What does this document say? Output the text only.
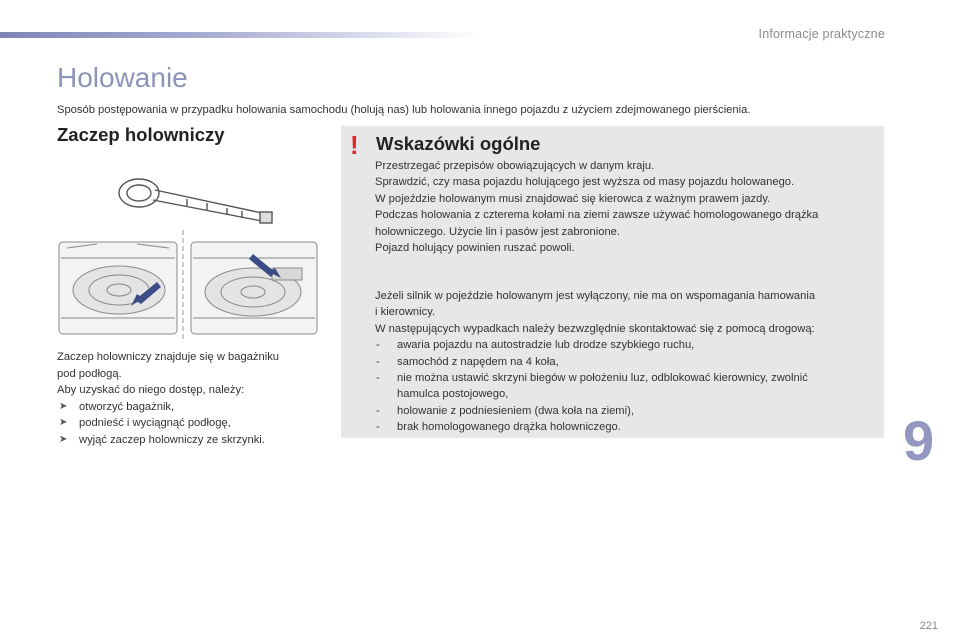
Informacje praktyczne
Holowanie

Sposób postępowania w przypadku holowania samochodu (holują nas) lub holowania innego pojazdu z użyciem zdejmowanego pierścienia.

Zaczep holowniczy

Zaczep holowniczy znajduje się w bagażniku

pod podłogą.

Aby uzyskać do niego dostęp, należy:

➤ otworzyć bagażnik,
➤ podnieść i wyciągnąć podłogę,
➤ wyjąć zaczep holowniczy ze skrzynki.
! Wskazówki ogólne

Przestrzegać przepisów obowiązujących w danym kraju.

Sprawdzić, czy masa pojazdu holującego jest wyższa od masy pojazdu holowanego.

W pojeździe holowanym musi znajdować się kierowca z ważnym prawem jazdy.

Podczas holowania z czterema kołami na ziemi zawsze używać homologowanego drążka

holowniczego. Użycie lin i pasów jest zabronione.

Pojazd holujący powinien ruszać powoli.

Jeżeli silnik w pojeździe holowanym jest wyłączony, nie ma on wspomagania hamowania

i kierownicy.

W następujących wypadkach należy bezwzględnie skontaktować się z pomocą drogową:

- awaria pojazdu na autostradzie lub drodze szybkiego ruchu,
- samochód z napędem na 4 koła,
- nie można ustawić skrzyni biegów w położeniu luz, odblokować kierownicy, zwolnić
hamulca postojowego,
- holowanie z podniesieniem (dwa koła na ziemi),
- brak homologowanego drążka holowniczego.	9
221
